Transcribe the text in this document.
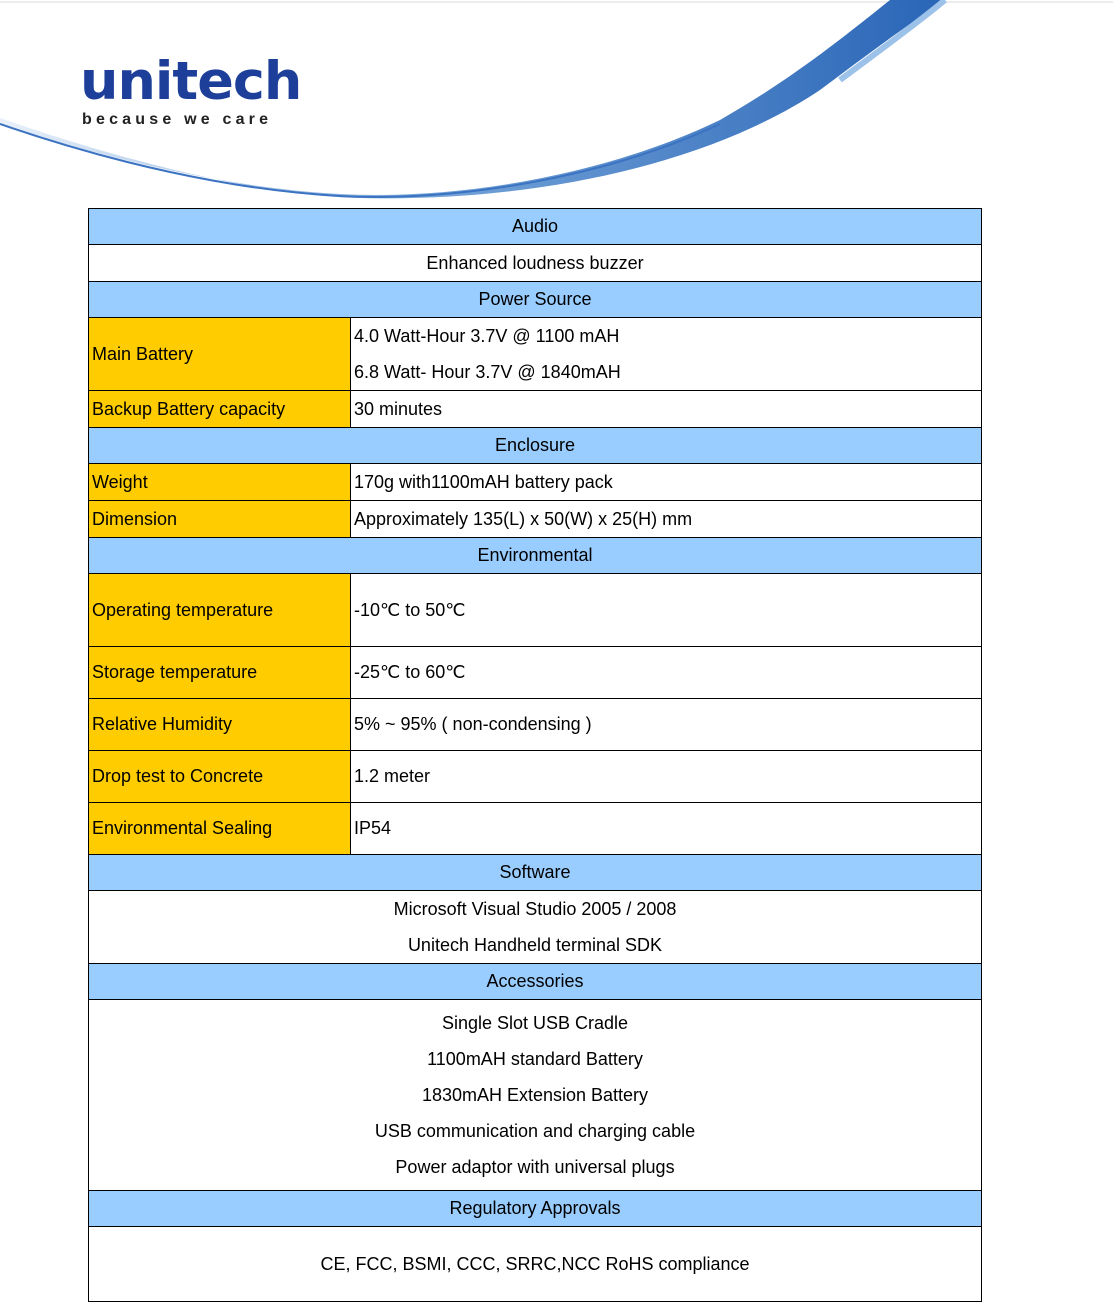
unitech
because we care
Audio	
Enhanced loudness buzzer	
Power Source	
Main Battery	4.0 Watt-Hour 3.7V @ 1100 mAH
6.8 Watt- Hour 3.7V @ 1840mAH

Backup Battery capacity	30 minutes
Enclosure	
Weight	170g with1100mAH battery pack
Dimension	Approximately 135(L) x 50(W) x 25(H) mm
Environmental	
Operating temperature	-10℃ to 50℃
Storage temperature	-25℃ to 60℃
Relative Humidity	5% ~ 95% ( non-condensing )
Drop test to Concrete	1.2 meter
Environmental Sealing	IP54
Software	

Microsoft Visual Studio 2005 / 2008
Unitech Handheld terminal SDK	

Accessories	

Single Slot USB Cradle
1100mAH standard Battery
1830mAH Extension Battery
USB communication and charging cable
Power adaptor with universal plugs	

Regulatory Approvals	
CE, FCC, BSMI, CCC, SRRC,NCC RoHS compliance	
